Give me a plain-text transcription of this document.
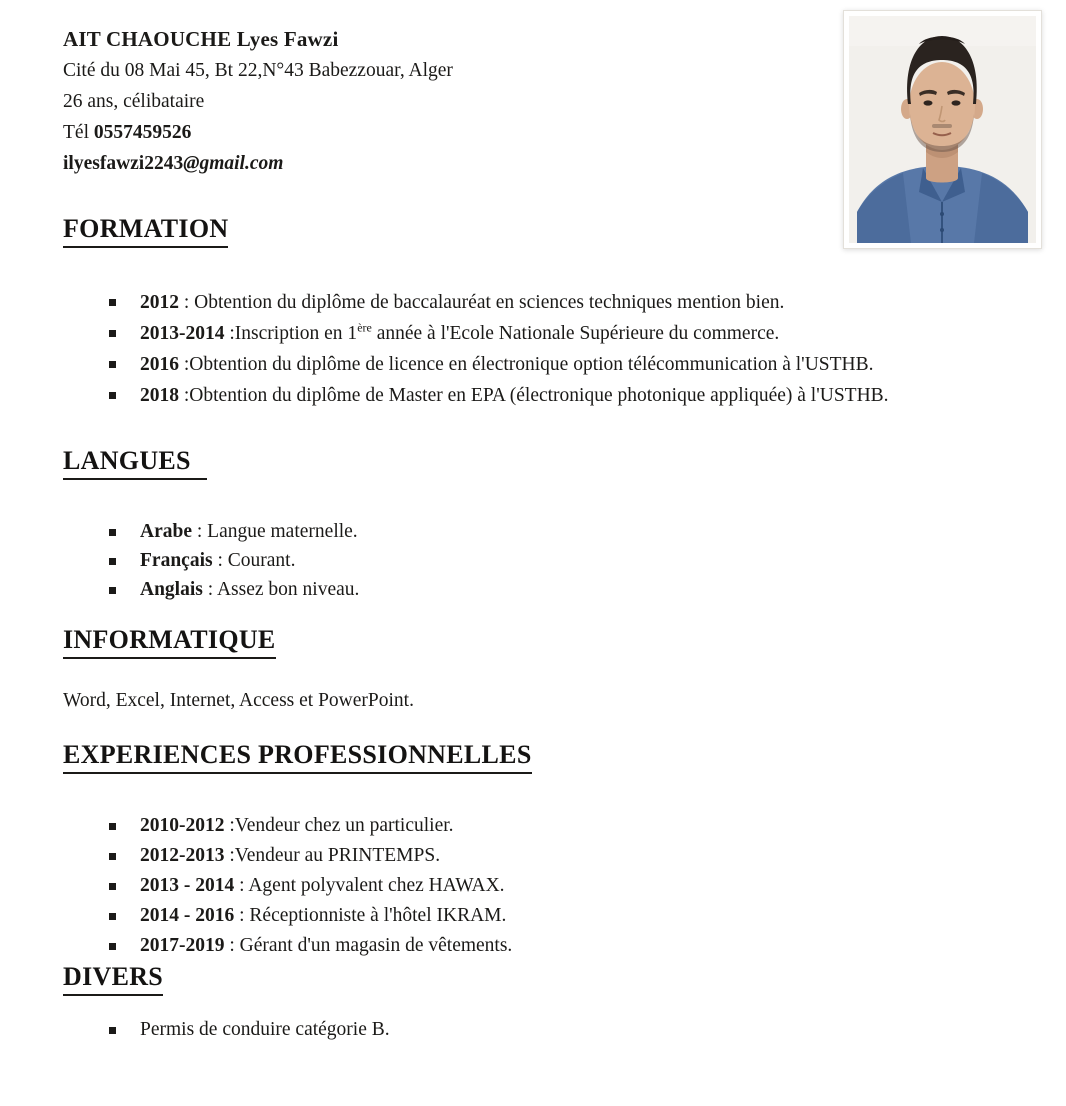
AIT CHAOUCHE Lyes Fawzi
Cité du 08 Mai 45, Bt 22,N°43 Babezzouar, Alger
26 ans, célibataire
Tél 0557459526
ilyesfawzi2243@gmail.com
FORMATION
2012 : Obtention du diplôme de baccalauréat en sciences techniques mention bien.
2013-2014 :Inscription en 1ère année à l'Ecole Nationale Supérieure du commerce.
2016 :Obtention du diplôme de licence en électronique option télécommunication à l'USTHB.
2018 :Obtention du diplôme de Master en EPA (électronique photonique appliquée) à l'USTHB.
LANGUES
Arabe : Langue maternelle.
Français : Courant.
Anglais : Assez bon niveau.
INFORMATIQUE
Word, Excel, Internet, Access et PowerPoint.
EXPERIENCES PROFESSIONNELLES
2010-2012 :Vendeur chez un particulier.
2012-2013 :Vendeur au PRINTEMPS.
2013 - 2014 : Agent polyvalent chez HAWAX.
2014 - 2016 : Réceptionniste à l'hôtel IKRAM.
2017-2019 : Gérant d'un magasin de vêtements.
DIVERS
Permis de conduire catégorie B.
